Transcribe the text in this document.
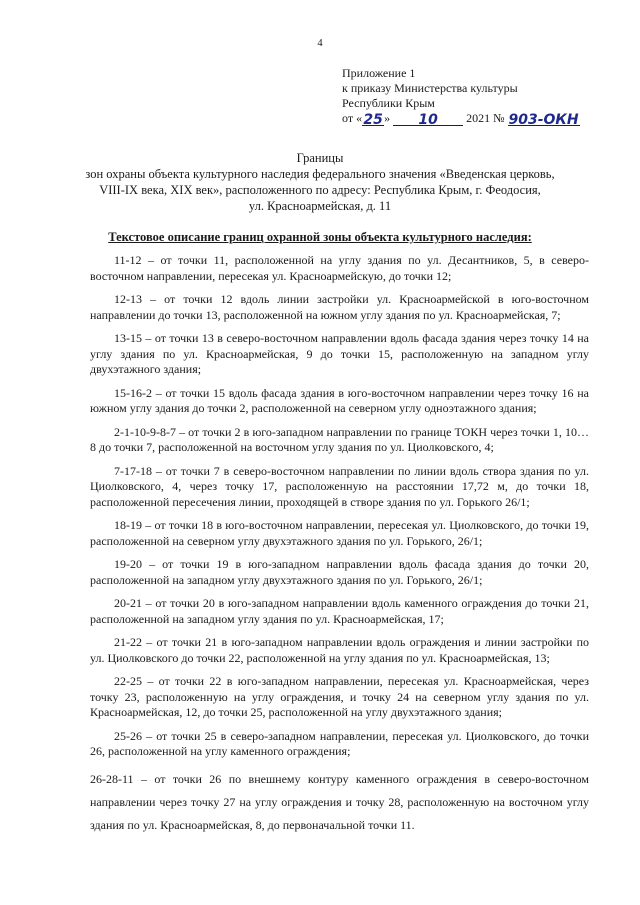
4
Приложение 1
к приказу Министерства культуры
Республики Крым
от «25» 10 2021 № 903-ОКН
Границы
зон охраны объекта культурного наследия федерального значения «Введенская церковь,
VIII-IX века, XIX век», расположенного по адресу: Республика Крым, г. Феодосия,
ул. Красноармейская, д. 11
Текстовое описание границ охранной зоны объекта культурного наследия:

11-12 – от точки 11, расположенной на углу здания по ул. Десантников, 5, в северо-восточном направлении, пересекая ул. Красноармейскую, до точки 12;

12-13 – от точки 12 вдоль линии застройки ул. Красноармейской в юго-восточном направлении до точки 13, расположенной на южном углу здания по ул. Красноармейская, 7;

13-15 – от точки 13 в северо-восточном направлении вдоль фасада здания через точку 14 на углу здания по ул. Красноармейская, 9 до точки 15, расположенную на западном углу двухэтажного здания;

15-16-2 – от точки 15 вдоль фасада здания в юго-восточном направлении через точку 16 на южном углу здания до точки 2, расположенной на северном углу одноэтажного здания;

2-1-10-9-8-7 – от точки 2 в юго-западном направлении по границе ТОКН через точки 1, 10…8 до точки 7, расположенной на восточном углу здания по ул. Циолковского, 4;

7-17-18 – от точки 7 в северо-восточном направлении по линии вдоль створа здания по ул. Циолковского, 4, через точку 17, расположенную на расстоянии 17,72 м, до точки 18, расположенной пересечения линии, проходящей в створе здания по ул. Горького 26/1;

18-19 – от точки 18 в юго-восточном направлении, пересекая ул. Циолковского, до точки 19, расположенной на северном углу двухэтажного здания по ул. Горького, 26/1;

19-20 – от точки 19 в юго-западном направлении вдоль фасада здания до точки 20, расположенной на западном углу двухэтажного здания по ул. Горького, 26/1;

20-21 – от точки 20 в юго-западном направлении вдоль каменного ограждения до точки 21, расположенной на западном углу здания по ул. Красноармейская, 17;

21-22 – от точки 21 в юго-западном направлении вдоль ограждения и линии застройки по ул. Циолковского до точки 22, расположенной на углу здания по ул. Красноармейская, 13;

22-25 – от точки 22 в юго-западном направлении, пересекая ул. Красноармейская, через точку 23, расположенную на углу ограждения, и точку 24 на северном углу здания по ул. Красноармейская, 12, до точки 25, расположенной на углу двухэтажного здания;

25-26 – от точки 25 в северо-западном направлении, пересекая ул. Циолковского, до точки 26, расположенной на углу каменного ограждения;

26-28-11 – от точки 26 по внешнему контуру каменного ограждения в северо-восточном направлении через точку 27 на углу ограждения и точку 28, расположенную на восточном углу здания по ул. Красноармейская, 8, до первоначальной точки 11.
